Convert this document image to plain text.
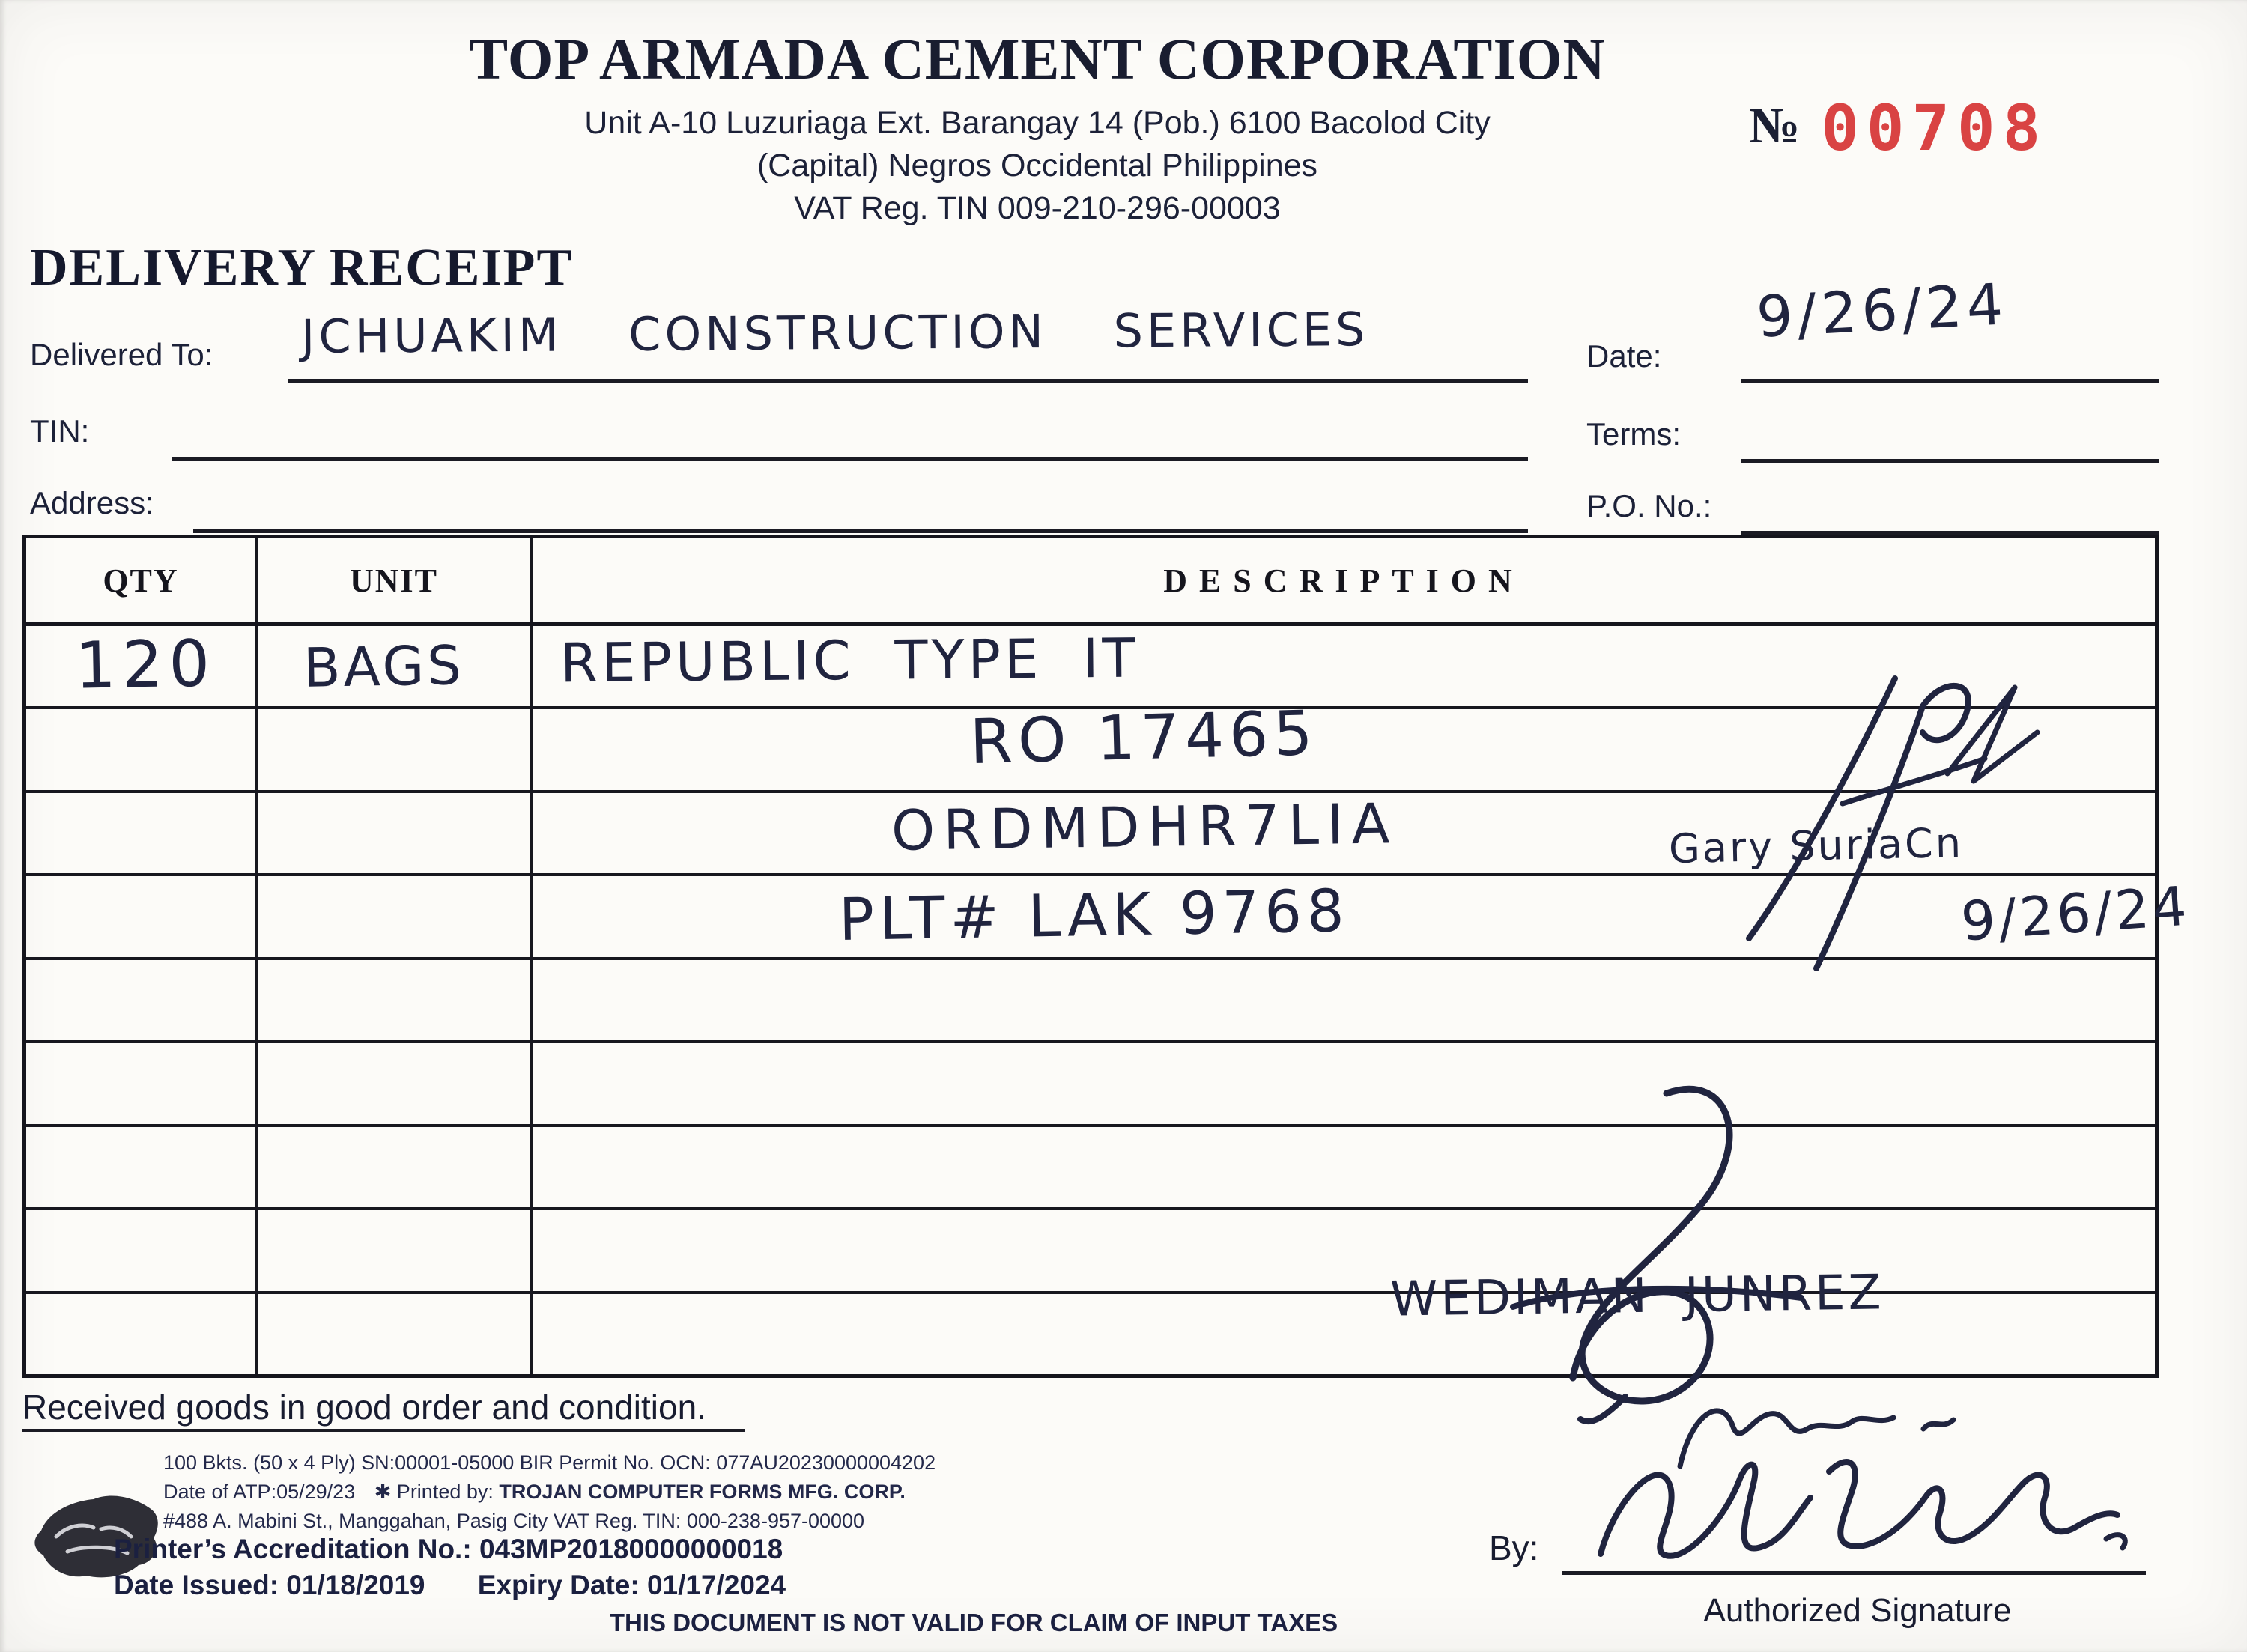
TOP ARMADA CEMENT CORPORATION
Unit A-10 Luzuriaga Ext. Barangay 14 (Pob.) 6100 Bacolod City
(Capital) Negros Occidental Philippines
VAT Reg. TIN 009-210-296-00003
№ 00708
DELIVERY RECEIPT
Delivered To: JCHUAKIM CONSTRUCTION SERVICES
TIN:
Address:
Date:
9/26/24
Terms:
P.O. No.:
QTY	UNIT	DESCRIPTION
120 BAGS REPUBLIC TYPE IT
RO 17465
ORDMDHR7LIA
PLT# LAK 9768
Gary SuriaCn
9/26/24
WEDIMAN JUNREZ
Received goods in good order and condition.
100 Bkts. (50 x 4 Ply) SN:00001-05000 BIR Permit No. OCN: 077AU20230000004202
Date of ATP:05/29/23 ✱ Printed by: TROJAN COMPUTER FORMS MFG. CORP.
#488 A. Mabini St., Manggahan, Pasig City VAT Reg. TIN: 000-238-957-00000
Printer’s Accreditation No.: 043MP20180000000018
Date Issued: 01/18/2019 Expiry Date: 01/17/2024
By:
Authorized Signature
THIS DOCUMENT IS NOT VALID FOR CLAIM OF INPUT TAXES
